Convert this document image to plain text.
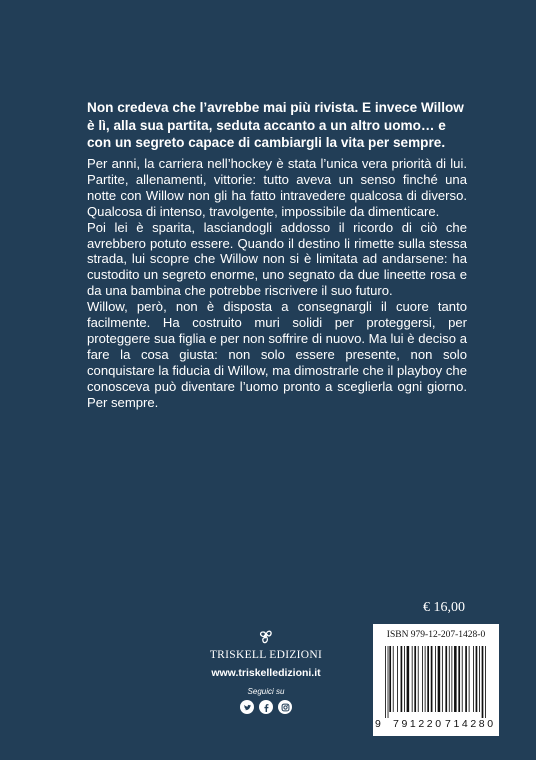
Non credeva che l’avrebbe mai più rivista. E invece Willow è lì, alla sua partita, seduta accanto a un altro uomo… e con un segreto capace di cambiargli la vita per sempre.

Per anni, la carriera nell’hockey è stata l’unica vera priorità di lui. Partite, allenamenti, vittorie: tutto aveva un senso finché una notte con Willow non gli ha fatto intravedere qualcosa di diverso. Qualcosa di intenso, travolgente, impossibile da dimenticare.

Poi lei è sparita, lasciandogli addosso il ricordo di ciò che avrebbero potuto essere. Quando il destino li rimette sulla stessa strada, lui scopre che Willow non si è limitata ad andarsene: ha custodito un segreto enorme, uno segnato da due lineette rosa e da una bambina che potrebbe riscrivere il suo futuro.

Willow, però, non è disposta a consegnargli il cuore tanto facilmente. Ha costruito muri solidi per proteggersi, per proteggere sua figlia e per non soffrire di nuovo. Ma lui è deciso a fare la cosa giusta: non solo essere presente, non solo conquistare la fiducia di Willow, ma dimostrarle che il playboy che conosceva può diventare l’uomo pronto a sceglierla ogni giorno. Per sempre.

€ 16,00
TRISKELL EDIZIONI
www.triskelledizioni.it
Seguici su
ISBN 979-12-207-1428-0
9 791220 714280
